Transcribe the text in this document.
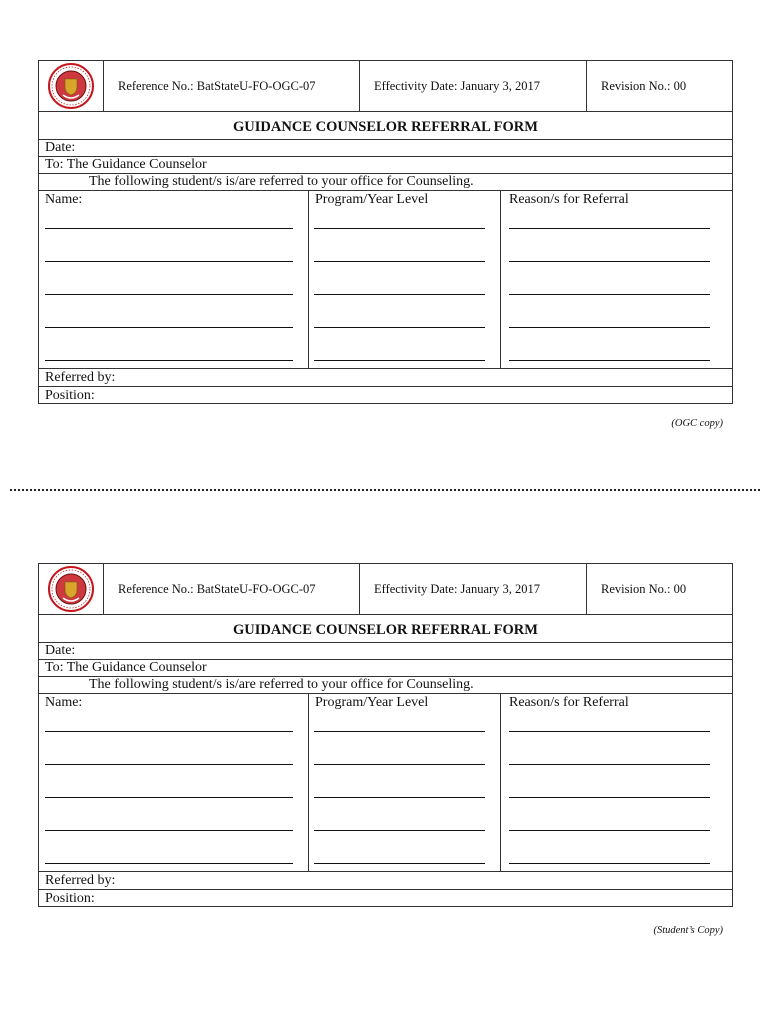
Reference No.: BatStateU-FO-OGC-07	Effectivity Date: January 3, 2017	Revision No.: 00
GUIDANCE COUNSELOR REFERRAL FORM
Date:
To: The Guidance Counselor
The following student/s is/are referred to your office for Counseling.
Name:	Program/Year Level	Reason/s for Referral
Referred by:
Position:
(OGC copy)
Reference No.: BatStateU-FO-OGC-07	Effectivity Date: January 3, 2017	Revision No.: 00
GUIDANCE COUNSELOR REFERRAL FORM
Date:
To: The Guidance Counselor
The following student/s is/are referred to your office for Counseling.
Name:	Program/Year Level	Reason/s for Referral
Referred by:
Position:
(Student’s Copy)
